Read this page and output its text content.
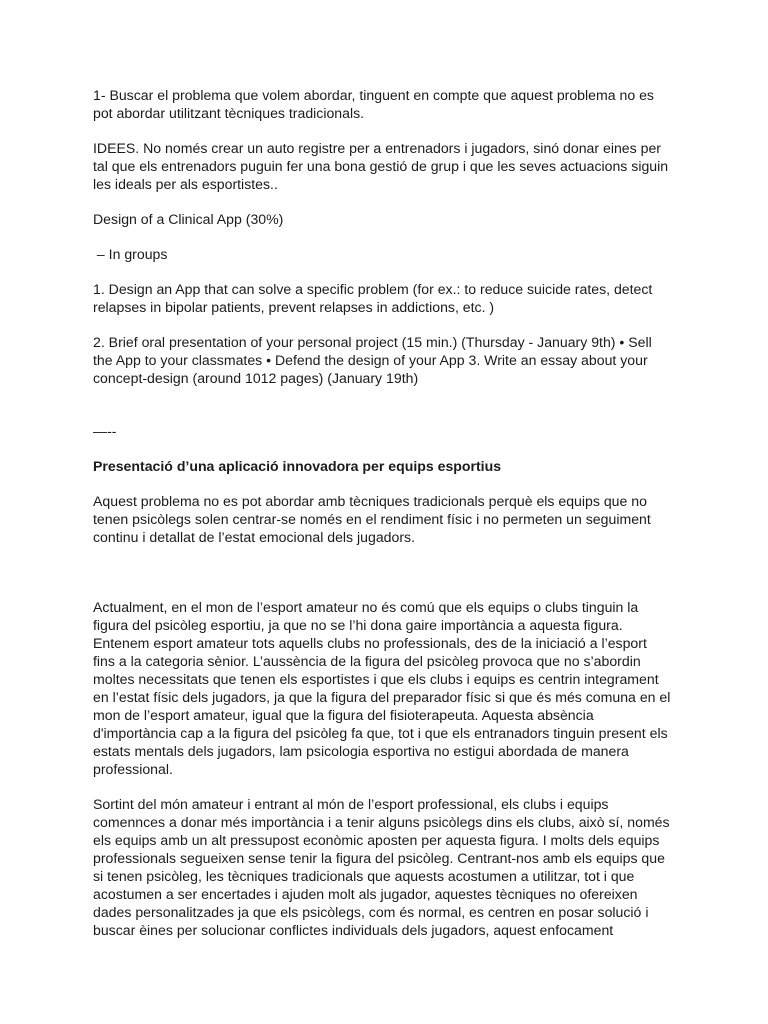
1- Buscar el problema que volem abordar, tinguent en compte que aquest problema no es
pot abordar utilitzant tècniques tradicionals.

IDEES. No només crear un auto registre per a entrenadors i jugadors, sinó donar eines per
tal que els entrenadors puguin fer una bona gestió de grup i que les seves actuacions siguin
les ideals per als esportistes..

Design of a Clinical App (30%)

– In groups

1. Design an App that can solve a specific problem (for ex.: to reduce suicide rates, detect
relapses in bipolar patients, prevent relapses in addictions, etc. )

2. Brief oral presentation of your personal project (15 min.) (Thursday - January 9th) • Sell
the App to your classmates • Defend the design of your App 3. Write an essay about your
concept-design (around 1012 pages) (January 19th)

—--

Presentació d’una aplicació innovadora per equips esportius

Aquest problema no es pot abordar amb tècniques tradicionals perquè els equips que no
tenen psicòlegs solen centrar-se només en el rendiment físic i no permeten un seguiment
continu i detallat de l’estat emocional dels jugadors.

Actualment, en el mon de l’esport amateur no és comú que els equips o clubs tinguin la
figura del psicòleg esportiu, ja que no se l’hi dona gaire importància a aquesta figura.
Entenem esport amateur tots aquells clubs no professionals, des de la iniciació a l’esport
fins a la categoria sènior. L’aussència de la figura del psicòleg provoca que no s’abordin
moltes necessitats que tenen els esportistes i que els clubs i equips es centrin integrament
en l’estat físic dels jugadors, ja que la figura del preparador físic si que és més comuna en el
mon de l’esport amateur, igual que la figura del fisioterapeuta. Aquesta absència
d'importància cap a la figura del psicòleg fa que, tot i que els entranadors tinguin present els
estats mentals dels jugadors, lam psicologia esportiva no estigui abordada de manera
professional.

Sortint del món amateur i entrant al món de l’esport professional, els clubs i equips
comennces a donar més importància i a tenir alguns psicòlegs dins els clubs, això sí, només
els equips amb un alt pressupost econòmic aposten per aquesta figura. I molts dels equips
professionals segueixen sense tenir la figura del psicòleg. Centrant-nos amb els equips que
si tenen psicòleg, les tècniques tradicionals que aquests acostumen a utilitzar, tot i que
acostumen a ser encertades i ajuden molt als jugador, aquestes tècniques no ofereixen
dades personalitzades ja que els psicòlegs, com és normal, es centren en posar solució i
buscar èines per solucionar conflictes individuals dels jugadors, aquest enfocament
